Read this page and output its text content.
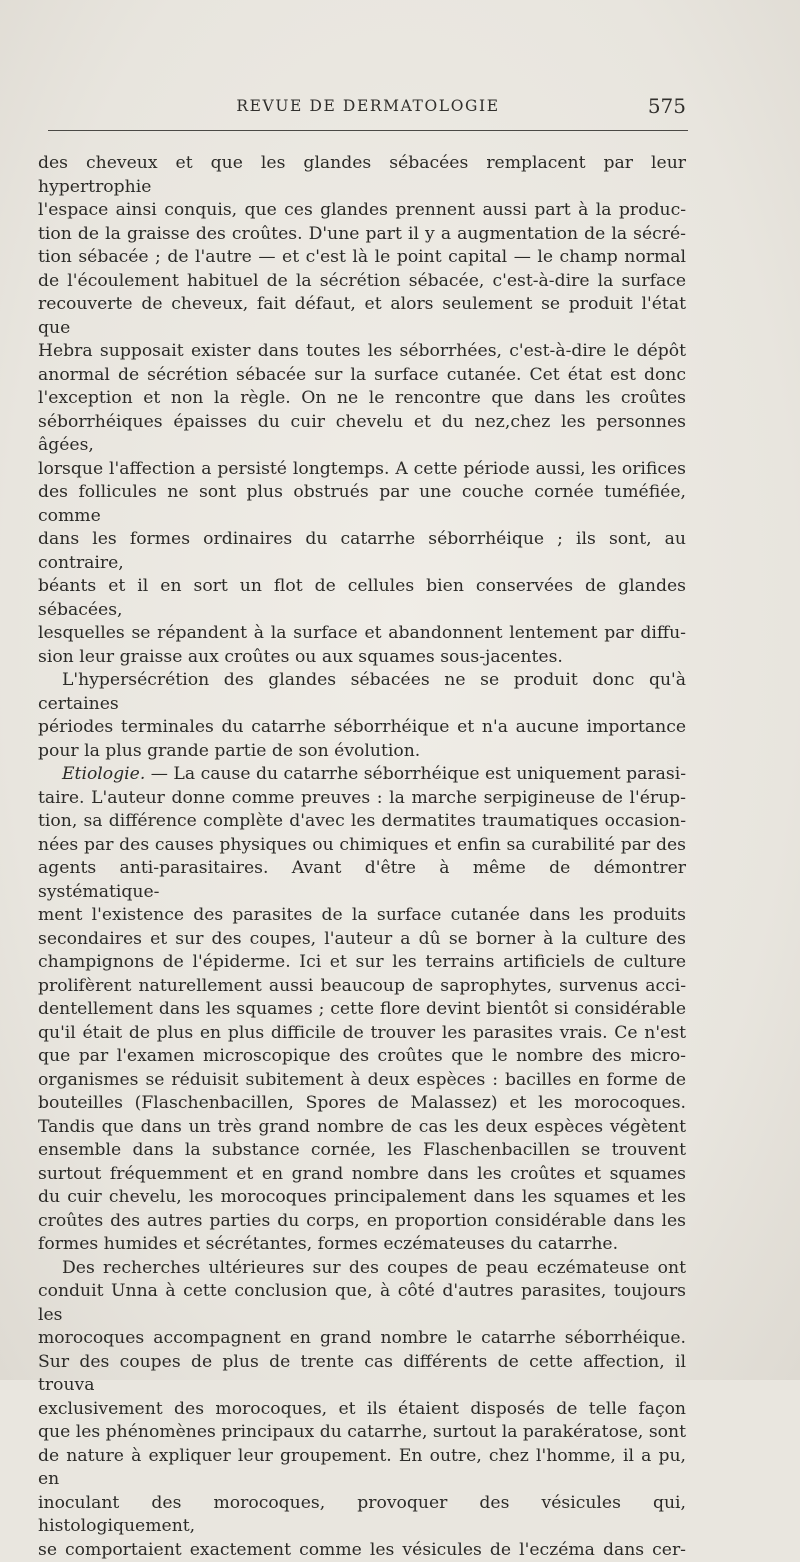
REVUE DE DERMATOLOGIE	575

des cheveux et que les glandes sébacées remplacent par leur hypertrophie

l'espace ainsi conquis, que ces glandes prennent aussi part à la produc-

tion de la graisse des croûtes. D'une part il y a augmentation de la sécré-

tion sébacée ; de l'autre — et c'est là le point capital — le champ normal

de l'écoulement habituel de la sécrétion sébacée, c'est-à-dire la surface

recouverte de cheveux, fait défaut, et alors seulement se produit l'état que

Hebra supposait exister dans toutes les séborrhées, c'est-à-dire le dépôt

anormal de sécrétion sébacée sur la surface cutanée. Cet état est donc

l'exception et non la règle. On ne le rencontre que dans les croûtes

séborrhéiques épaisses du cuir chevelu et du nez,chez les personnes âgées,

lorsque l'affection a persisté longtemps. A cette période aussi, les orifices

des follicules ne sont plus obstrués par une couche cornée tuméfiée, comme

dans les formes ordinaires du catarrhe séborrhéique ; ils sont, au contraire,

béants et il en sort un flot de cellules bien conservées de glandes sébacées,

lesquelles se répandent à la surface et abandonnent lentement par diffu-

sion leur graisse aux croûtes ou aux squames sous-jacentes.

L'hypersécrétion des glandes sébacées ne se produit donc qu'à certaines

périodes terminales du catarrhe séborrhéique et n'a aucune importance

pour la plus grande partie de son évolution.

Etiologie. — La cause du catarrhe séborrhéique est uniquement parasi-

taire. L'auteur donne comme preuves : la marche serpigineuse de l'érup-

tion, sa différence complète d'avec les dermatites traumatiques occasion-

nées par des causes physiques ou chimiques et enfin sa curabilité par des

agents anti-parasitaires. Avant d'être à même de démontrer systématique-

ment l'existence des parasites de la surface cutanée dans les produits

secondaires et sur des coupes, l'auteur a dû se borner à la culture des

champignons de l'épiderme. Ici et sur les terrains artificiels de culture

prolifèrent naturellement aussi beaucoup de saprophytes, survenus acci-

dentellement dans les squames ; cette flore devint bientôt si considérable

qu'il était de plus en plus difficile de trouver les parasites vrais. Ce n'est

que par l'examen microscopique des croûtes que le nombre des micro-

organismes se réduisit subitement à deux espèces : bacilles en forme de

bouteilles (Flaschenbacillen, Spores de Malassez) et les morocoques.

Tandis que dans un très grand nombre de cas les deux espèces végètent

ensemble dans la substance cornée, les Flaschenbacillen se trouvent

surtout fréquemment et en grand nombre dans les croûtes et squames

du cuir chevelu, les morocoques principalement dans les squames et les

croûtes des autres parties du corps, en proportion considérable dans les

formes humides et sécrétantes, formes eczémateuses du catarrhe.

Des recherches ultérieures sur des coupes de peau eczémateuse ont

conduit Unna à cette conclusion que, à côté d'autres parasites, toujours les

morocoques accompagnent en grand nombre le catarrhe séborrhéique.

Sur des coupes de plus de trente cas différents de cette affection, il trouva

exclusivement des morocoques, et ils étaient disposés de telle façon

que les phénomènes principaux du catarrhe, surtout la parakératose, sont

de nature à expliquer leur groupement. En outre, chez l'homme, il a pu, en

inoculant des morocoques, provoquer des vésicules qui, histologiquement,

se comportaient exactement comme les vésicules de l'eczéma dans cer-
